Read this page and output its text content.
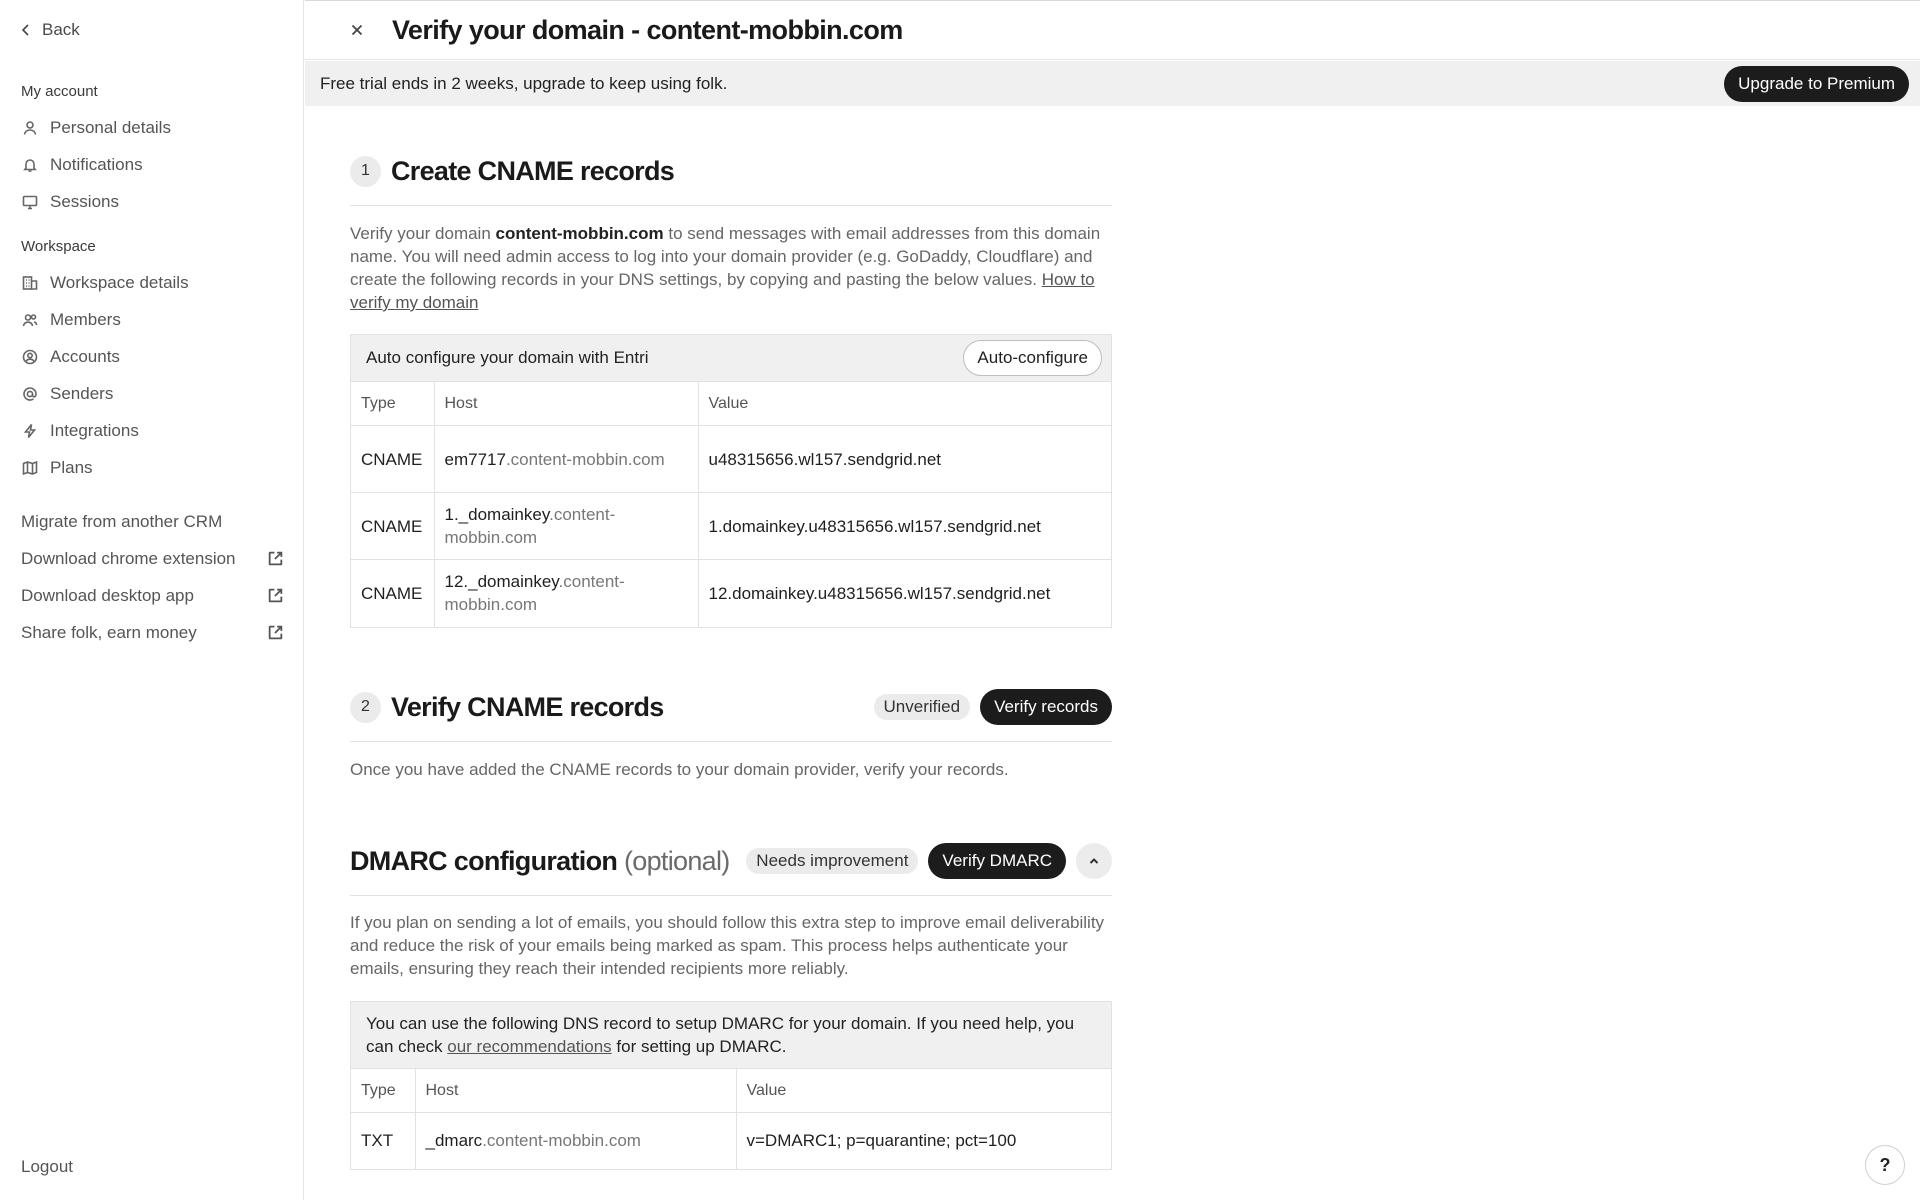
Back
My account
Personal details
Notifications
Sessions
Workspace
Workspace details
Members
Accounts
Senders
Integrations
Plans
Migrate from another CRM
Download chrome extension
Download desktop app
Share folk, earn money
Logout
Verify your domain - content-mobbin.com
Free trial ends in 2 weeks, upgrade to keep using folk.	Upgrade to Premium
1 Create CNAME records

Verify your domain content-mobbin.com to send messages with email addresses from this domain name. You will need admin access to log into your domain provider (e.g. GoDaddy, Cloudflare) and create the following records in your DNS settings, by copying and pasting the below values. How to verify my domain

Auto configure your domain with Entri	Auto-configure
Type	Host	Value
CNAME	em7717.content-mobbin.com	u48315656.wl157.sendgrid.net
CNAME	1._domainkey.content-mobbin.com	1.domainkey.u48315656.wl157.sendgrid.net
CNAME	12._domainkey.content-mobbin.com	12.domainkey.u48315656.wl157.sendgrid.net
2 Verify CNAME records	Unverified	Verify records

Once you have added the CNAME records to your domain provider, verify your records.

DMARC configuration (optional)	Needs improvement	Verify DMARC

If you plan on sending a lot of emails, you should follow this extra step to improve email deliverability and reduce the risk of your emails being marked as spam. This process helps authenticate your emails, ensuring they reach their intended recipients more reliably.

You can use the following DNS record to setup DMARC for your domain. If you need help, you can check our recommendations for setting up DMARC.
Type	Host	Value
TXT	_dmarc.content-mobbin.com	v=DMARC1; p=quarantine; pct=100
?
